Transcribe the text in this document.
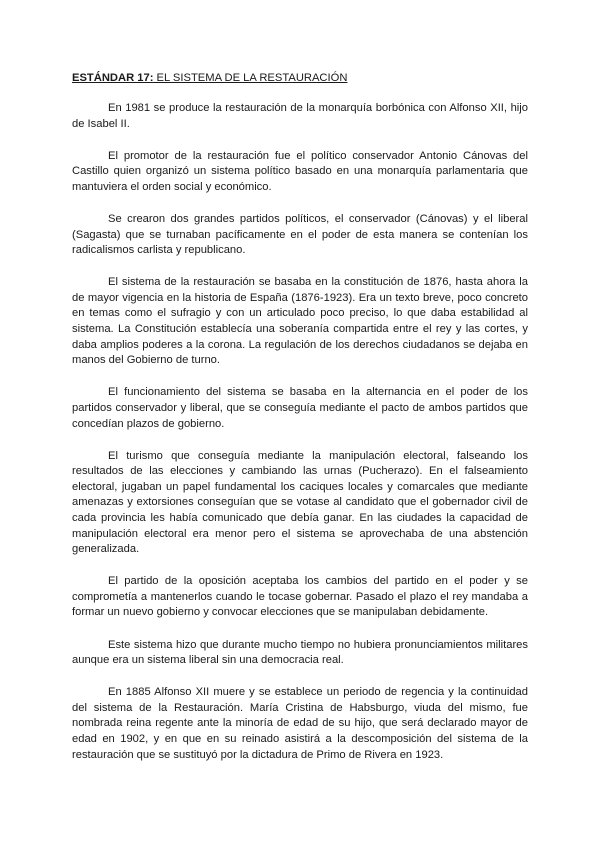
ESTÁNDAR 17: EL SISTEMA DE LA RESTAURACIÓN

En 1981 se produce la restauración de la monarquía borbónica con Alfonso XII, hijo de Isabel II.

El promotor de la restauración fue el político conservador Antonio Cánovas del Castillo quien organizó un sistema político basado en una monarquía parlamentaria que mantuviera el orden social y económico.

Se crearon dos grandes partidos políticos, el conservador (Cánovas) y el liberal (Sagasta) que se turnaban pacíficamente en el poder de esta manera se contenían los radicalismos carlista y republicano.

El sistema de la restauración se basaba en la constitución de 1876, hasta ahora la de mayor vigencia en la historia de España (1876-1923). Era un texto breve, poco concreto en temas como el sufragio y con un articulado poco preciso, lo que daba estabilidad al sistema. La Constitución establecía una soberanía compartida entre el rey y las cortes, y daba amplios poderes a la corona. La regulación de los derechos ciudadanos se dejaba en manos del Gobierno de turno.

El funcionamiento del sistema se basaba en la alternancia en el poder de los partidos conservador y liberal, que se conseguía mediante el pacto de ambos partidos que concedían plazos de gobierno.

El turismo que conseguía mediante la manipulación electoral, falseando los resultados de las elecciones y cambiando las urnas (Pucherazo). En el falseamiento electoral, jugaban un papel fundamental los caciques locales y comarcales que mediante amenazas y extorsiones conseguían que se votase al candidato que el gobernador civil de cada provincia les había comunicado que debía ganar. En las ciudades la capacidad de manipulación electoral era menor pero el sistema se aprovechaba de una abstención generalizada.

El partido de la oposición aceptaba los cambios del partido en el poder y se comprometía a mantenerlos cuando le tocase gobernar. Pasado el plazo el rey mandaba a formar un nuevo gobierno y convocar elecciones que se manipulaban debidamente.

Este sistema hizo que durante mucho tiempo no hubiera pronunciamientos militares aunque era un sistema liberal sin una democracia real.

En 1885 Alfonso XII muere y se establece un periodo de regencia y la continuidad del sistema de la Restauración. María Cristina de Habsburgo, viuda del mismo, fue nombrada reina regente ante la minoría de edad de su hijo, que será declarado mayor de edad en 1902, y en que en su reinado asistirá a la descomposición del sistema de la restauración que se sustituyó por la dictadura de Primo de Rivera en 1923.
